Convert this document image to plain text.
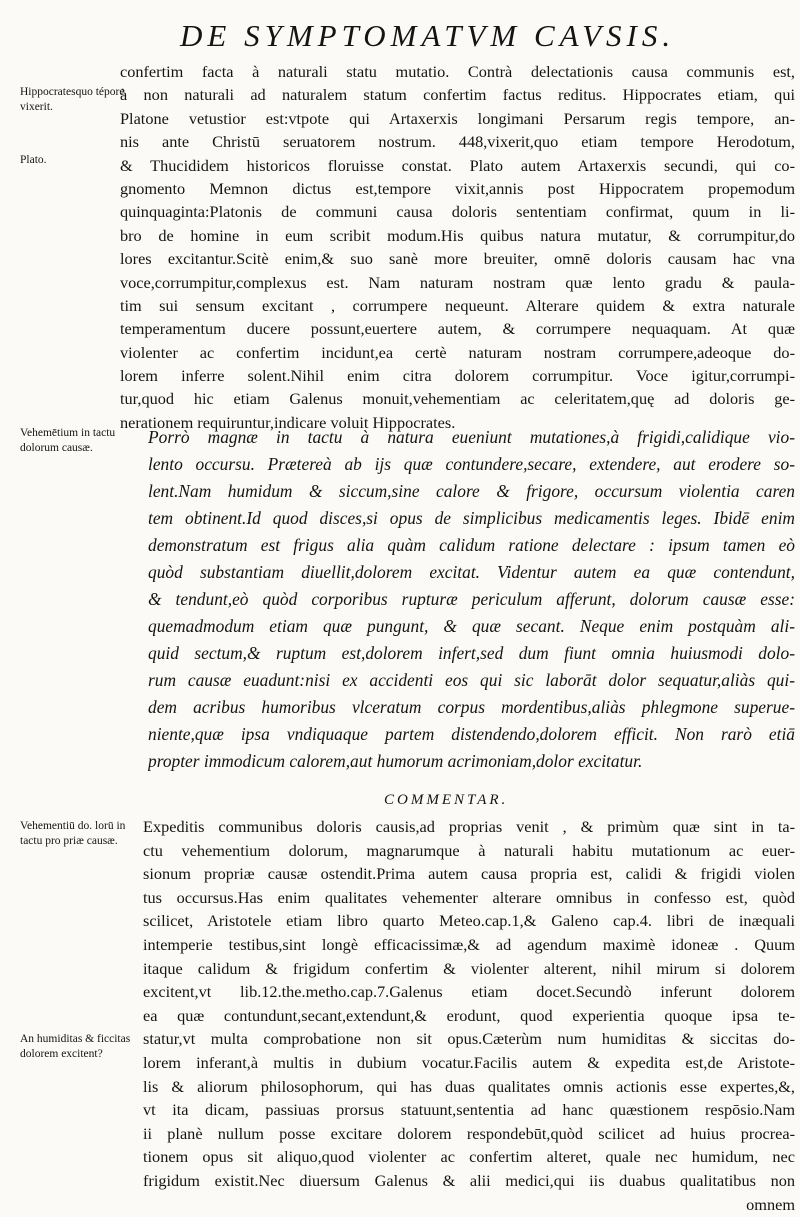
DE SYMPTOMATVM CAVSIS.
Hippocratesquo tépore vixerit.
Plato.
Vehemētium in tactu dolorum causæ.
Vehementiū do. lorū in tactu pro priæ causæ.
An humiditas & ficcitas dolorem excitent?
confertim facta à naturali statu mutatio. Contrà delectationis causa communis est,
à non naturali ad naturalem statum confertim factus reditus. Hippocrates etiam, qui
Platone vetustior est:vtpote qui Artaxerxis longimani Persarum regis tempore, an-
nis ante Christū seruatorem nostrum. 448,vixerit,quo etiam tempore Herodotum,
& Thucididem historicos floruisse constat. Plato autem Artaxerxis secundi, qui co-
gnomento Memnon dictus est,tempore vixit,annis post Hippocratem propemodum
quinquaginta:Platonis de communi causa doloris sententiam confirmat, quum in li-
bro de homine in eum scribit modum.His quibus natura mutatur, & corrumpitur,do
lores excitantur.Scitè enim,& suo sanè more breuiter, omnē doloris causam hac vna
voce,corrumpitur,complexus est. Nam naturam nostram quæ lento gradu & paula-
tim sui sensum excitant , corrumpere nequeunt. Alterare quidem & extra naturale
temperamentum ducere possunt,euertere autem, & corrumpere nequaquam. At quæ
violenter ac confertim incidunt,ea certè naturam nostram corrumpere,adeoque do-
lorem inferre solent.Nihil enim citra dolorem corrumpitur. Voce igitur,corrumpi-
tur,quod hic etiam Galenus monuit,vehementiam ac celeritatem,quę ad doloris ge-
nerationem requiruntur,indicare voluit Hippocrates.
Porrò magnæ in tactu à natura eueniunt mutationes,à frigidi,calidique vio-
lento occursu. Prætereà ab ijs quæ contundere,secare, extendere, aut erodere so-
lent.Nam humidum & siccum,sine calore & frigore, occursum violentia caren
tem obtinent.Id quod disces,si opus de simplicibus medicamentis leges. Ibidē enim
demonstratum est frigus alia quàm calidum ratione delectare : ipsum tamen eò
quòd substantiam diuellit,dolorem excitat. Videntur autem ea quæ contendunt,
& tendunt,eò quòd corporibus rupturæ periculum afferunt, dolorum causæ esse:
quemadmodum etiam quæ pungunt, & quæ secant. Neque enim postquàm ali-
quid sectum,& ruptum est,dolorem infert,sed dum fiunt omnia huiusmodi dolo-
rum causæ euadunt:nisi ex accidenti eos qui sic laborāt dolor sequatur,aliàs qui-
dem acribus humoribus vlceratum corpus mordentibus,aliàs phlegmone superue-
niente,quæ ipsa vndiquaque partem distendendo,dolorem efficit. Non rarò etiā
propter immodicum calorem,aut humorum acrimoniam,dolor excitatur.
COMMENTAR.
Expeditis communibus doloris causis,ad proprias venit , & primùm quæ sint in ta-
ctu vehementium dolorum, magnarumque à naturali habitu mutationum ac euer-
sionum propriæ causæ ostendit.Prima autem causa propria est, calidi & frigidi violen
tus occursus.Has enim qualitates vehementer alterare omnibus in confesso est, quòd
scilicet, Aristotele etiam libro quarto Meteo.cap.1,& Galeno cap.4. libri de inæquali
intemperie testibus,sint longè efficacissimæ,& ad agendum maximè idoneæ . Quum
itaque calidum & frigidum confertim & violenter alterent, nihil mirum si dolorem
excitent,vt lib.12.the.metho.cap.7.Galenus etiam docet.Secundò inferunt dolorem
ea quæ contundunt,secant,extendunt,& erodunt, quod experientia quoque ipsa te-
statur,vt multa comprobatione non sit opus.Cæterùm num humiditas & siccitas do-
lorem inferant,à multis in dubium vocatur.Facilis autem & expedita est,de Aristote-
lis & aliorum philosophorum, qui has duas qualitates omnis actionis esse expertes,&,
vt ita dicam, passiuas prorsus statuunt,sententia ad hanc quæstionem respōsio.Nam
ii planè nullum posse excitare dolorem respondebūt,quòd scilicet ad huius procrea-
tionem opus sit aliquo,quod violenter ac confertim alteret, quale nec humidum, nec
frigidum existit.Nec diuersum Galenus & alii medici,qui iis duabus qualitatibus non
omnem
